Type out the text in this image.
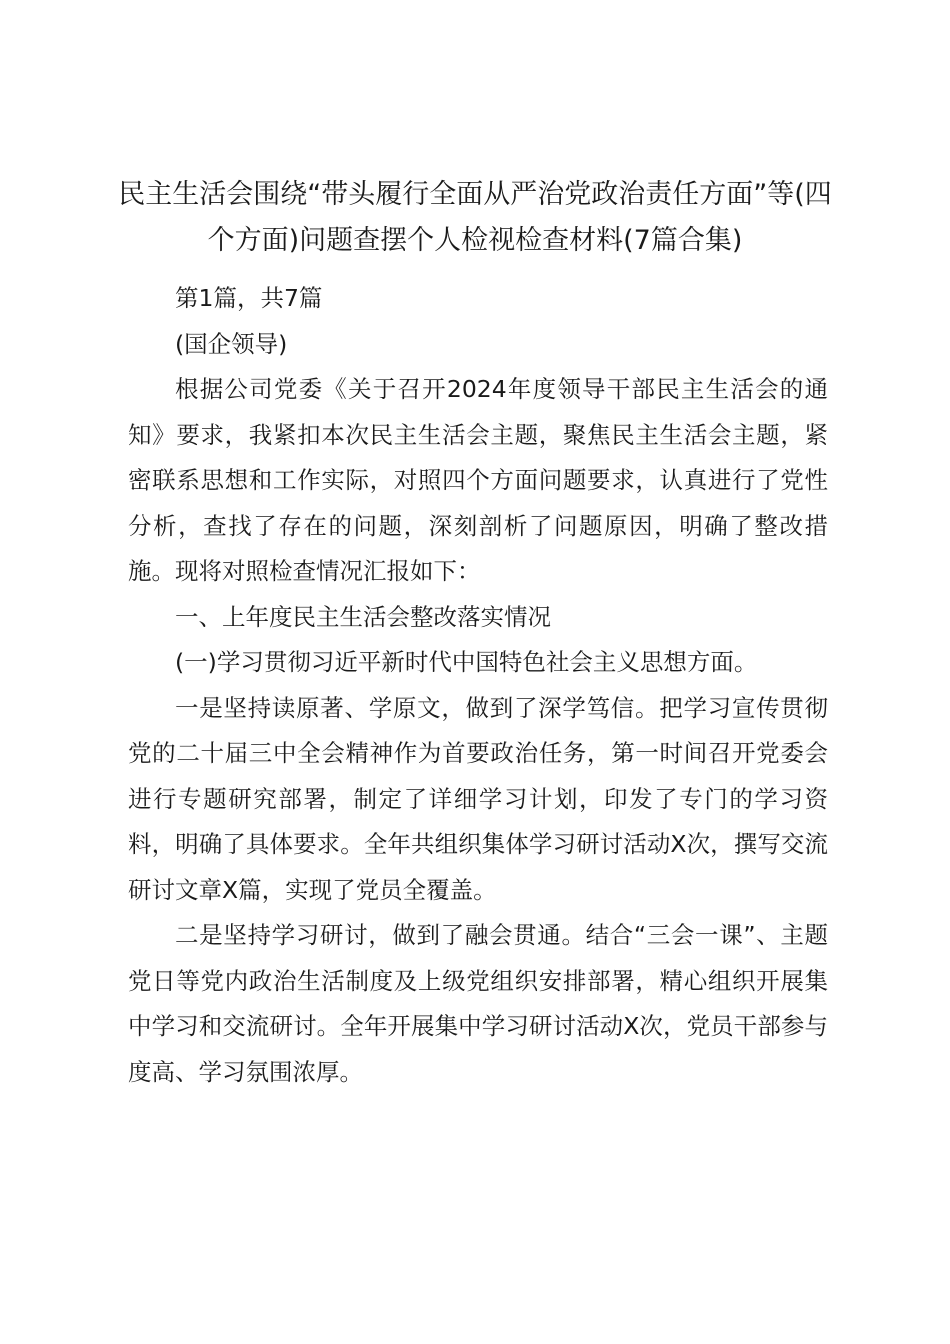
民主生活会围绕“带头履行全面从严治党政治责任方面”等(四个方面)问题查摆个人检视检查材料(7篇合集)

第1篇，共7篇

(国企领导)

根据公司党委《关于召开2024年度领导干部民主生活会的通知》要求，我紧扣本次民主生活会主题，聚焦民主生活会主题，紧密联系思想和工作实际，对照四个方面问题要求，认真进行了党性分析，查找了存在的问题，深刻剖析了问题原因，明确了整改措施。现将对照检查情况汇报如下：

一、上年度民主生活会整改落实情况

(一)学习贯彻习近平新时代中国特色社会主义思想方面。

一是坚持读原著、学原文，做到了深学笃信。把学习宣传贯彻党的二十届三中全会精神作为首要政治任务，第一时间召开党委会进行专题研究部署，制定了详细学习计划，印发了专门的学习资料，明确了具体要求。全年共组织集体学习研讨活动X次，撰写交流研讨文章X篇，实现了党员全覆盖。

二是坚持学习研讨，做到了融会贯通。结合“三会一课”、主题党日等党内政治生活制度及上级党组织安排部署，精心组织开展集中学习和交流研讨。全年开展集中学习研讨活动X次，党员干部参与度高、学习氛围浓厚。
